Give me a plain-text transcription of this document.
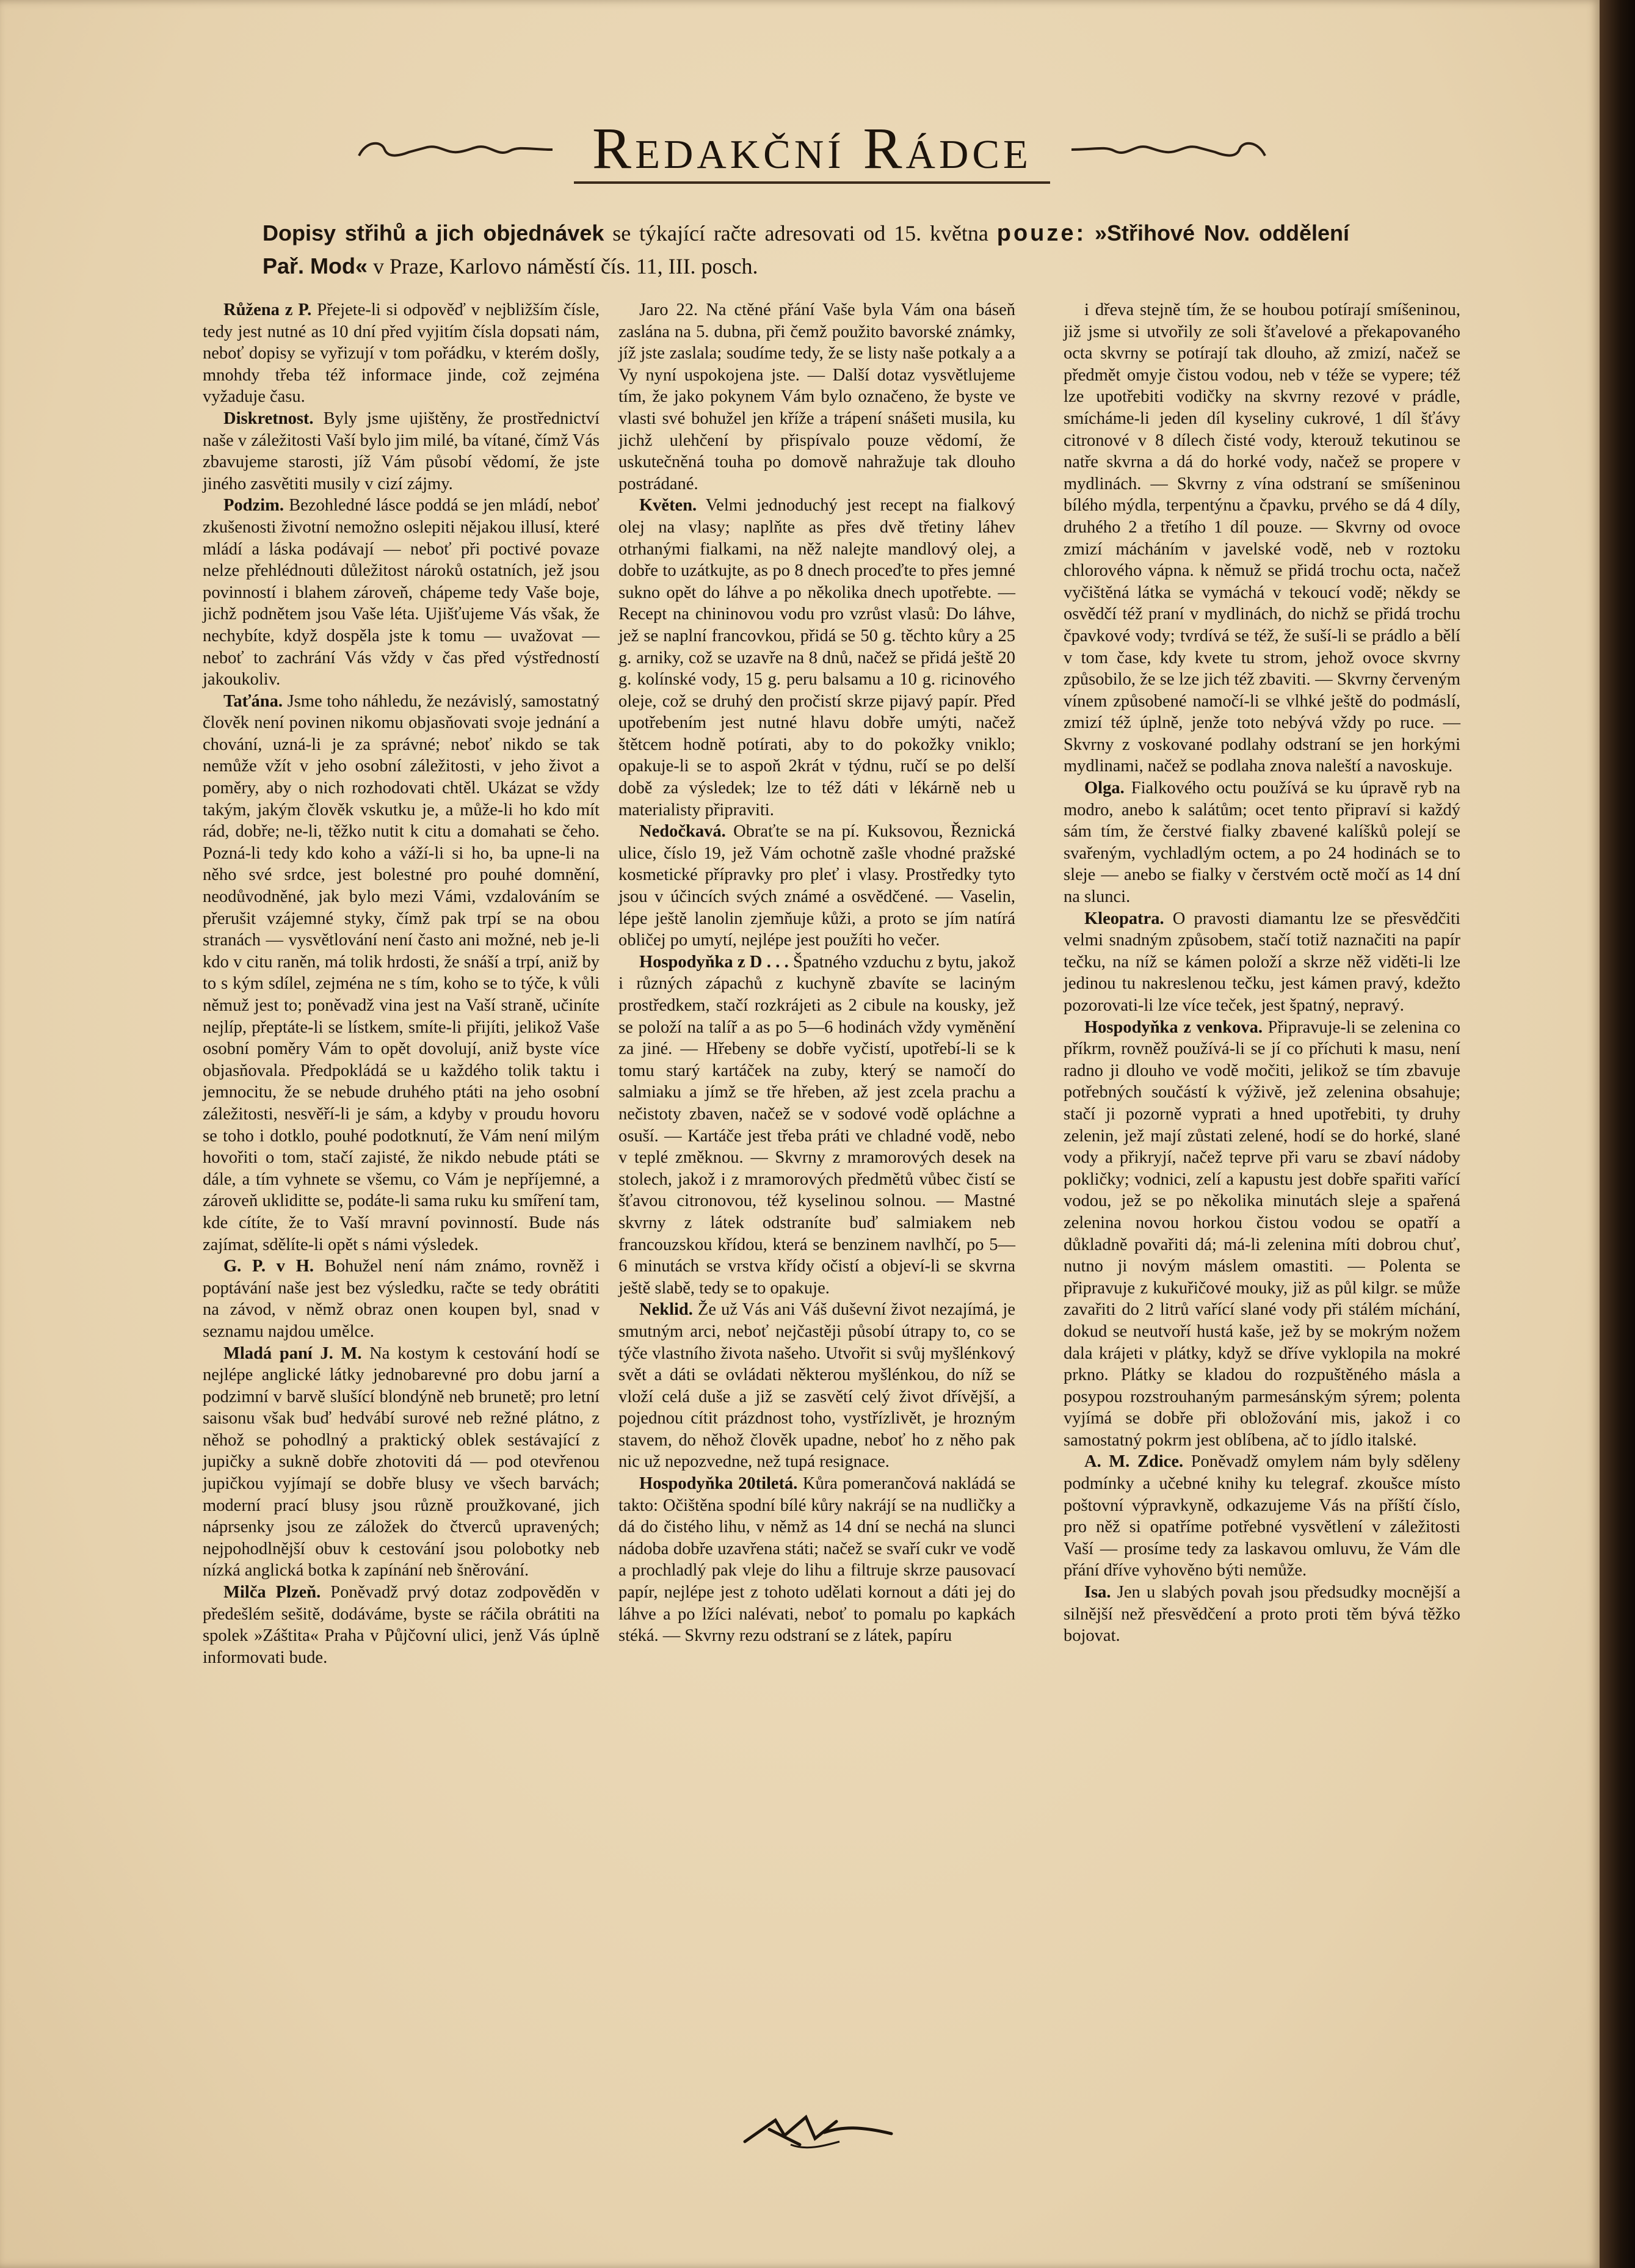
Redakční Rádce
Dopisy střihů a jich objednávek se týkající račte adresovati od 15. května pouze: »Střihové Nov. oddělení Pař. Mod« v Praze, Karlovo náměstí čís. 11, III. posch.

Růžena z P. Přejete-li si odpověď v nejbližším čísle, tedy jest nutné as 10 dní před vyjitím čísla dopsati nám, neboť dopisy se vyřizují v tom pořádku, v kterém došly, mnohdy třeba též informace jinde, což zejména vyžaduje času.

Diskretnost. Byly jsme ujištěny, že prostřednictví naše v záležitosti Vaší bylo jim milé, ba vítané, čímž Vás zbavujeme starosti, jíž Vám působí vědomí, že jste jiného zasvětiti musily v cizí zájmy.

Podzim. Bezohledné lásce poddá se jen mládí, neboť zkušenosti životní nemožno oslepiti nějakou illusí, které mládí a láska podávají — neboť při poctivé povaze nelze přehlédnouti důležitost nároků ostatních, jež jsou povinností i blahem zároveň, chápeme tedy Vaše boje, jichž podnětem jsou Vaše léta. Ujišťujeme Vás však, že nechybíte, když dospěla jste k tomu — uvažovat — neboť to zachrání Vás vždy v čas před výstředností jakoukoliv.

Taťána. Jsme toho náhledu, že nezávislý, samostatný člověk není povinen nikomu objasňovati svoje jednání a chování, uzná-li je za správné; neboť nikdo se tak nemůže vžít v jeho osobní záležitosti, v jeho život a poměry, aby o nich rozhodovati chtěl. Ukázat se vždy takým, jakým člověk vskutku je, a může-li ho kdo mít rád, dobře; ne-li, těžko nutit k citu a domahati se čeho. Pozná-li tedy kdo koho a váží-li si ho, ba upne-li na něho své srdce, jest bolestné pro pouhé domnění, neodůvodněné, jak bylo mezi Vámi, vzdalováním se přerušit vzájemné styky, čímž pak trpí se na obou stranách — vysvětlování není často ani možné, neb je-li kdo v citu raněn, má tolik hrdosti, že snáší a trpí, aniž by to s kým sdílel, zejména ne s tím, koho se to týče, k vůli němuž jest to; poněvadž vina jest na Vaší straně, učiníte nejlíp, přeptáte-li se lístkem, smíte-li přijíti, jelikož Vaše osobní poměry Vám to opět dovolují, aniž byste více objasňovala. Předpokládá se u každého tolik taktu i jemnocitu, že se nebude druhého ptáti na jeho osobní záležitosti, nesvěří-li je sám, a kdyby v proudu hovoru se toho i dotklo, pouhé podotknutí, že Vám není milým hovořiti o tom, stačí zajisté, že nikdo nebude ptáti se dále, a tím vyhnete se všemu, co Vám je nepříjemné, a zároveň ukliditte se, podáte-li sama ruku ku smíření tam, kde cítíte, že to Vaší mravní povinností. Bude nás zajímat, sdělíte-li opět s námi výsledek.

G. P. v H. Bohužel není nám známo, rovněž i poptávání naše jest bez výsledku, račte se tedy obrátiti na závod, v němž obraz onen koupen byl, snad v seznamu najdou umělce.

Mladá paní J. M. Na kostym k cestování hodí se nejlépe anglické látky jednobarevné pro dobu jarní a podzimní v barvě slušící blondýně neb brunetě; pro letní saisonu však buď hedvábí surové neb režné plátno, z něhož se pohodlný a praktický oblek sestávající z jupičky a sukně dobře zhotoviti dá — pod otevřenou jupičkou vyjímají se dobře blusy ve všech barvách; moderní prací blusy jsou různě proužkované, jich náprsenky jsou ze záložek do čtverců upravených; nejpohodlnější obuv k cestování jsou polobotky neb nízká anglická botka k zapínání neb šněrování.

Milča Plzeň. Poněvadž prvý dotaz zodpověděn v předešlém sešitě, dodáváme, byste se ráčila obrátiti na spolek »Záštita« Praha v Půjčovní ulici, jenž Vás úplně informovati bude.

Jaro 22. Na ctěné přání Vaše byla Vám ona báseň zaslána na 5. dubna, při čemž použito bavorské známky, jíž jste zaslala; soudíme tedy, že se listy naše potkaly a a Vy nyní uspokojena jste. — Další dotaz vysvětlujeme tím, že jako pokynem Vám bylo označeno, že byste ve vlasti své bohužel jen kříže a trápení snášeti musila, ku jichž ulehčení by přispívalo pouze vědomí, že uskutečněná touha po domově nahražuje tak dlouho postrádané.

Květen. Velmi jednoduchý jest recept na fialkový olej na vlasy; naplňte as přes dvě třetiny láhev otrhanými fialkami, na něž nalejte mandlový olej, a dobře to uzátkujte, as po 8 dnech proceďte to přes jemné sukno opět do láhve a po několika dnech upotřebte. — Recept na chininovou vodu pro vzrůst vlasů: Do láhve, jež se naplní francovkou, přidá se 50 g. těchto kůry a 25 g. arniky, což se uzavře na 8 dnů, načež se přidá ještě 20 g. kolínské vody, 15 g. peru balsamu a 10 g. ricinového oleje, což se druhý den pročistí skrze pijavý papír. Před upotřebením jest nutné hlavu dobře umýti, načež štětcem hodně potírati, aby to do pokožky vniklo; opakuje-li se to aspoň 2krát v týdnu, ručí se po delší době za výsledek; lze to též dáti v lékárně neb u materialisty připraviti.

Nedočkavá. Obraťte se na pí. Kuksovou, Řeznická ulice, číslo 19, jež Vám ochotně zašle vhodné pražské kosmetické přípravky pro pleť i vlasy. Prostředky tyto jsou v účincích svých známé a osvědčené. — Vaselin, lépe ještě lanolin zjemňuje kůži, a proto se jím natírá obličej po umytí, nejlépe jest použíti ho večer.

Hospodyňka z D . . . Špatného vzduchu z bytu, jakož i různých zápachů z kuchyně zbavíte se laciným prostředkem, stačí rozkrájeti as 2 cibule na kousky, jež se položí na talíř a as po 5—6 hodinách vždy vyměnění za jiné. — Hřebeny se dobře vyčistí, upotřebí-li se k tomu starý kartáček na zuby, který se namočí do salmiaku a jímž se tře hřeben, až jest zcela prachu a nečistoty zbaven, načež se v sodové vodě opláchne a osuší. — Kartáče jest třeba práti ve chladné vodě, nebo v teplé změknou. — Skvrny z mramorových desek na stolech, jakož i z mramorových předmětů vůbec čistí se šťavou citronovou, též kyselinou solnou. — Mastné skvrny z látek odstraníte buď salmiakem neb francouzskou křídou, která se benzinem navlhčí, po 5—6 minutách se vrstva křídy očistí a objeví-li se skvrna ještě slabě, tedy se to opakuje.

Neklid. Že už Vás ani Váš duševní život nezajímá, je smutným arci, neboť nejčastěji působí útrapy to, co se týče vlastního života našeho. Utvořit si svůj myšlénkový svět a dáti se ovládati některou myšlénkou, do níž se vloží celá duše a již se zasvětí celý život dřívější, a pojednou cítit prázdnost toho, vystřízlivět, je hrozným stavem, do něhož člověk upadne, neboť ho z něho pak nic už nepozvedne, než tupá resignace.

Hospodyňka 20tiletá. Kůra pomerančová nakládá se takto: Očištěna spodní bílé kůry nakrájí se na nudličky a dá do čistého lihu, v němž as 14 dní se nechá na slunci nádoba dobře uzavřena státi; načež se svaří cukr ve vodě a prochladlý pak vleje do lihu a filtruje skrze pausovací papír, nejlépe jest z tohoto udělati kornout a dáti jej do láhve a po lžíci nalévati, neboť to pomalu po kapkách stéká. — Skvrny rezu odstraní se z látek, papíru

i dřeva stejně tím, že se houbou potírají smíšeninou, již jsme si utvořily ze soli šťavelové a překapovaného octa skvrny se potírají tak dlouho, až zmizí, načež se předmět omyje čistou vodou, neb v téže se vypere; též lze upotřebiti vodičky na skvrny rezové v prádle, smícháme-li jeden díl kyseliny cukrové, 1 díl šťávy citronové v 8 dílech čisté vody, kterouž tekutinou se natře skvrna a dá do horké vody, načež se propere v mydlinách. — Skvrny z vína odstraní se smíšeninou bílého mýdla, terpentýnu a čpavku, prvého se dá 4 díly, druhého 2 a třetího 1 díl pouze. — Skvrny od ovoce zmizí mácháním v javelské vodě, neb v roztoku chlorového vápna. k němuž se přidá trochu octa, načež vyčištěná látka se vymáchá v tekoucí vodě; někdy se osvědčí též praní v mydlinách, do nichž se přidá trochu čpavkové vody; tvrdívá se též, že suší-li se prádlo a bělí v tom čase, kdy kvete tu strom, jehož ovoce skvrny způsobilo, že se lze jich též zbaviti. — Skvrny červeným vínem způsobené namočí-li se vlhké ještě do podmáslí, zmizí též úplně, jenže toto nebývá vždy po ruce. — Skvrny z voskované podlahy odstraní se jen horkými mydlinami, načež se podlaha znova naleští a navoskuje.

Olga. Fialkového octu používá se ku úpravě ryb na modro, anebo k salátům; ocet tento připraví si každý sám tím, že čerstvé fialky zbavené kalíšků polejí se svařeným, vychladlým octem, a po 24 hodinách se to sleje — anebo se fialky v čerstvém octě močí as 14 dní na slunci.

Kleopatra. O pravosti diamantu lze se přesvědčiti velmi snadným způsobem, stačí totiž naznačiti na papír tečku, na níž se kámen položí a skrze něž viděti-li lze jedinou tu nakreslenou tečku, jest kámen pravý, kdežto pozorovati-li lze více teček, jest špatný, nepravý.

Hospodyňka z venkova. Připravuje-li se zelenina co příkrm, rovněž používá-li se jí co příchuti k masu, není radno ji dlouho ve vodě močiti, jelikož se tím zbavuje potřebných součástí k výživě, jež zelenina obsahuje; stačí ji pozorně vyprati a hned upotřebiti, ty druhy zelenin, jež mají zůstati zelené, hodí se do horké, slané vody a přikryjí, načež teprve při varu se zbaví nádoby pokličky; vodnici, zelí a kapustu jest dobře spařiti vařící vodou, jež se po několika minutách sleje a spařená zelenina novou horkou čistou vodou se opatří a důkladně povařiti dá; má-li zelenina míti dobrou chuť, nutno ji novým máslem omastiti. — Polenta se připravuje z kukuřičové mouky, již as půl kilgr. se může zavařiti do 2 litrů vařící slané vody při stálém míchání, dokud se neutvoří hustá kaše, jež by se mokrým nožem dala krájeti v plátky, když se dříve vyklopila na mokré prkno. Plátky se kladou do rozpuštěného másla a posypou rozstrouhaným parmesánským sýrem; polenta vyjímá se dobře při obložování mis, jakož i co samostatný pokrm jest oblíbena, ač to jídlo italské.

A. M. Zdice. Poněvadž omylem nám byly sděleny podmínky a učebné knihy ku telegraf. zkoušce místo poštovní výpravkyně, odkazujeme Vás na příští číslo, pro něž si opatříme potřebné vysvětlení v záležitosti Vaší — prosíme tedy za laskavou omluvu, že Vám dle přání dříve vyhověno býti nemůže.

Isa. Jen u slabých povah jsou předsudky mocnější a silnější než přesvědčení a proto proti těm bývá těžko bojovat.
